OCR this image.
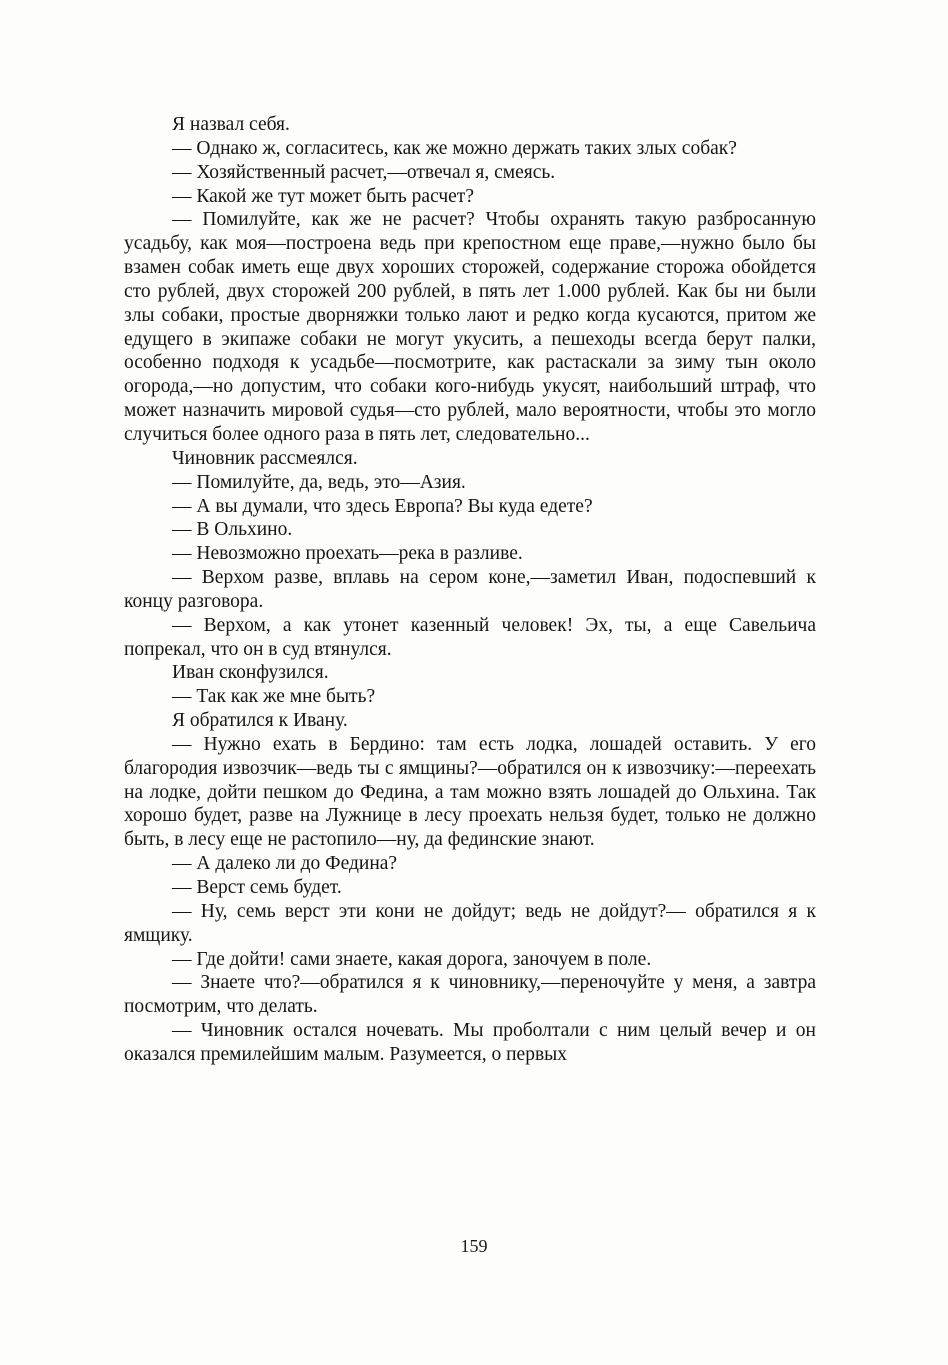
Я назвал себя.

— Однако ж, согласитесь, как же можно держать таких злых собак?

— Хозяйственный расчет,—отвечал я, смеясь.

— Какой же тут может быть расчет?

— Помилуйте, как же не расчет? Чтобы охранять такую разбросанную усадьбу, как моя—построена ведь при крепостном еще праве,—нужно было бы взамен собак иметь еще двух хороших сторожей, содержание сторожа обойдется сто рублей, двух сторожей 200 рублей, в пять лет 1.000 рублей. Как бы ни были злы собаки, простые дворняжки только лают и редко когда кусаются, притом же едущего в экипаже собаки не могут укусить, а пешеходы всегда берут палки, особенно подходя к усадьбе—посмотрите, как растаскали за зиму тын около огорода,—но допустим, что собаки кого-нибудь укусят, наибольший штраф, что может назначить мировой судья—сто рублей, мало вероятности, чтобы это могло случиться более одного раза в пять лет, следовательно...

Чиновник рассмеялся.

— Помилуйте, да, ведь, это—Азия.

— А вы думали, что здесь Европа? Вы куда едете?

— В Ольхино.

— Невозможно проехать—река в разливе.

— Верхом разве, вплавь на сером коне,—заметил Иван, подоспевший к концу разговора.

— Верхом, а как утонет казенный человек! Эх, ты, а еще Савельича попрекал, что он в суд втянулся.

Иван сконфузился.

— Так как же мне быть?

Я обратился к Ивану.

— Нужно ехать в Бердино: там есть лодка, лошадей оставить. У его благородия извозчик—ведь ты с ямщины?—обратился он к извозчику:—переехать на лодке, дойти пешком до Федина, а там можно взять лошадей до Ольхина. Так хорошо будет, разве на Лужнице в лесу проехать нельзя будет, только не должно быть, в лесу еще не растопило—ну, да фединские знают.

— А далеко ли до Федина?

— Верст семь будет.

— Ну, семь верст эти кони не дойдут; ведь не дойдут?— обратился я к ямщику.

— Где дойти! сами знаете, какая дорога, заночуем в поле.

— Знаете что?—обратился я к чиновнику,—переночуйте у меня, а завтра посмотрим, что делать.

— Чиновник остался ночевать. Мы проболтали с ним целый вечер и он оказался премилейшим малым. Разумеется, о первых

159
